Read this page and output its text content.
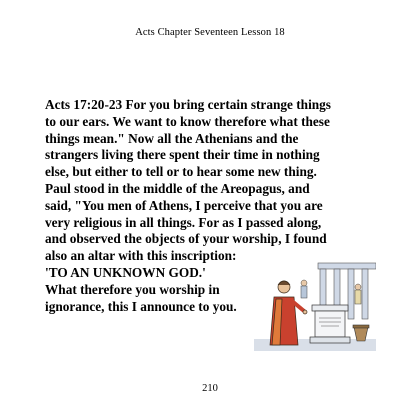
Acts Chapter Seventeen Lesson 18
Acts 17:20-23 For you bring certain strange things
to our ears. We want to know therefore what these
things mean." Now all the Athenians and the
strangers living there spent their time in nothing
else, but either to tell or to hear some new thing.
Paul stood in the middle of the Areopagus, and
said, "You men of Athens, I perceive that you are
very religious in all things. For as I passed along,
and observed the objects of your worship, I found
also an altar with this inscription:
'TO AN UNKNOWN GOD.'
What therefore you worship in
ignorance, this I announce to you.
210
